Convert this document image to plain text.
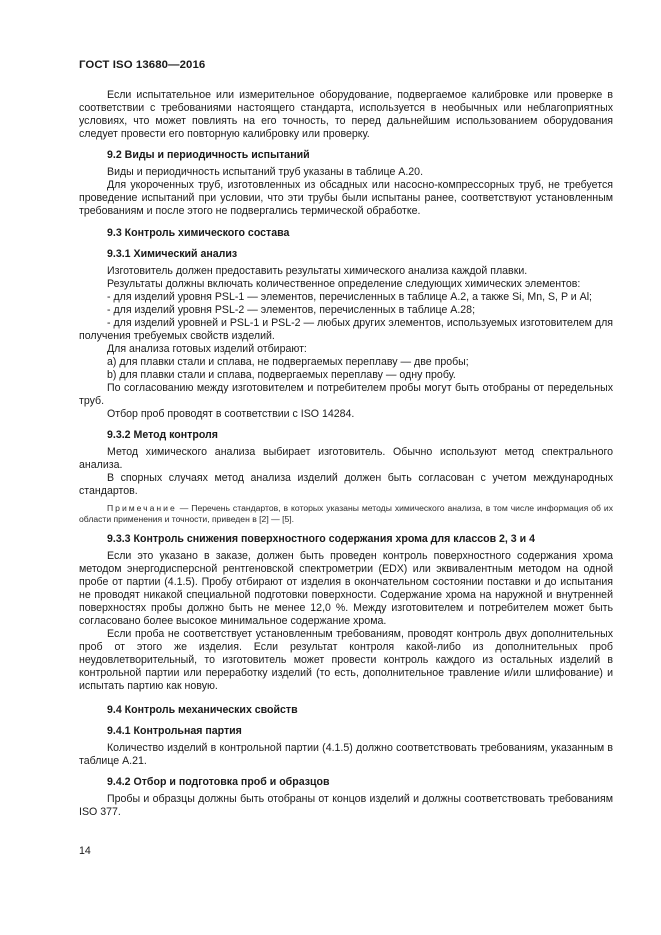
ГОСТ ISO 13680—2016

Если испытательное или измерительное оборудование, подвергаемое калибровке или проверке в соответствии с требованиями настоящего стандарта, используется в необычных или неблагоприятных условиях, что может повлиять на его точность, то перед дальнейшим использованием оборудования следует провести его повторную калибровку или проверку.

9.2 Виды и периодичность испытаний

Виды и периодичность испытаний труб указаны в таблице А.20.

Для укороченных труб, изготовленных из обсадных или насосно-компрессорных труб, не требуется проведение испытаний при условии, что эти трубы были испытаны ранее, соответствуют установленным требованиям и после этого не подвергались термической обработке.

9.3 Контроль химического состава
9.3.1 Химический анализ

Изготовитель должен предоставить результаты химического анализа каждой плавки.

Результаты должны включать количественное определение следующих химических элементов:

- для изделий уровня PSL-1 — элементов, перечисленных в таблице А.2, а также Si, Mn, S, P и Al;

- для изделий уровня PSL-2 — элементов, перечисленных в таблице А.28;

- для изделий уровней и PSL-1 и PSL-2 — любых других элементов, используемых изготовителем для получения требуемых свойств изделий.

Для анализа готовых изделий отбирают:

a) для плавки стали и сплава, не подвергаемых переплаву — две пробы;

b) для плавки стали и сплава, подвергаемых переплаву — одну пробу.

По согласованию между изготовителем и потребителем пробы могут быть отобраны от передельных труб.

Отбор проб проводят в соответствии с ISO 14284.

9.3.2 Метод контроля

Метод химического анализа выбирает изготовитель. Обычно используют метод спектрального анализа.

В спорных случаях метод анализа изделий должен быть согласован с учетом международных стандартов.

Примечание — Перечень стандартов, в которых указаны методы химического анализа, в том числе информация об их области применения и точности, приведен в [2] — [5].
9.3.3 Контроль снижения поверхностного содержания хрома для классов 2, 3 и 4

Если это указано в заказе, должен быть проведен контроль поверхностного содержания хрома методом энергодисперсной рентгеновской спектрометрии (EDX) или эквивалентным методом на одной пробе от партии (4.1.5). Пробу отбирают от изделия в окончательном состоянии поставки и до испытания не проводят никакой специальной подготовки поверхности. Содержание хрома на наружной и внутренней поверхностях пробы должно быть не менее 12,0 %. Между изготовителем и потребителем может быть согласовано более высокое минимальное содержание хрома.

Если проба не соответствует установленным требованиям, проводят контроль двух дополнительных проб от этого же изделия. Если результат контроля какой-либо из дополнительных проб неудовлетворительный, то изготовитель может провести контроль каждого из остальных изделий в контрольной партии или переработку изделий (то есть, дополнительное травление и/или шлифование) и испытать партию как новую.

9.4 Контроль механических свойств
9.4.1 Контрольная партия

Количество изделий в контрольной партии (4.1.5) должно соответствовать требованиям, указанным в таблице А.21.

9.4.2 Отбор и подготовка проб и образцов

Пробы и образцы должны быть отобраны от концов изделий и должны соответствовать требованиям ISO 377.

14
